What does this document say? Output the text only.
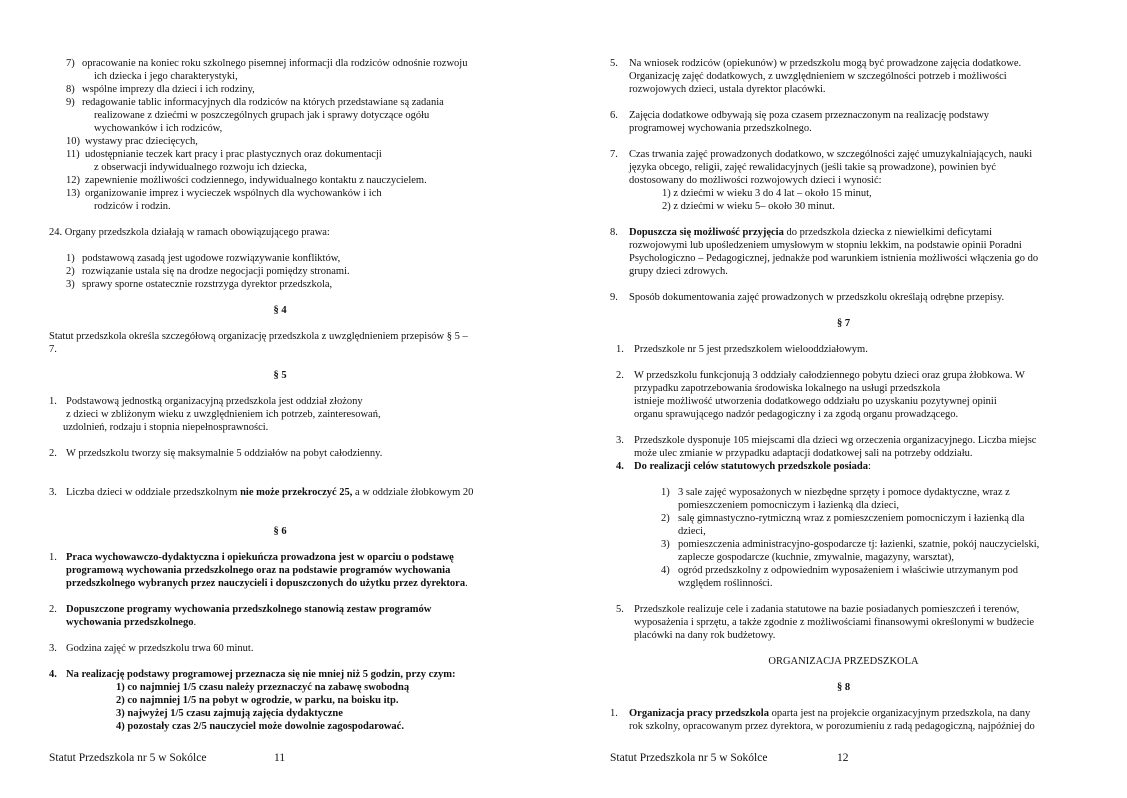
7) opracowanie na koniec roku szkolnego pisemnej informacji dla rodziców odnośnie rozwoju
ich dziecka i jego charakterystyki,
8) wspólne imprezy dla dzieci i ich rodziny,
9) redagowanie tablic informacyjnych dla rodziców na których przedstawiane są zadania
realizowane z dziećmi w poszczególnych grupach jak i sprawy dotyczące ogółu
wychowanków i ich rodziców,
10) wystawy prac dziecięcych,
11) udostępnianie teczek kart pracy i prac plastycznych oraz dokumentacji
z obserwacji indywidualnego rozwoju ich dziecka,
12) zapewnienie możliwości codziennego, indywidualnego kontaktu z nauczycielem.
13) organizowanie imprez i wycieczek wspólnych dla wychowanków i ich
rodziców i rodzin.
24. Organy przedszkola działają w ramach obowiązującego prawa:
1) podstawową zasadą jest ugodowe rozwiązywanie konfliktów,
2) rozwiązanie ustala się na drodze negocjacji pomiędzy stronami.
3) sprawy sporne ostatecznie rozstrzyga dyrektor przedszkola,
§ 4
Statut przedszkola określa szczegółową organizację przedszkola z uwzględnieniem przepisów § 5 –
7.
§ 5
1. Podstawową jednostką organizacyjną przedszkola jest oddział złożony
z dzieci w zbliżonym wieku z uwzględnieniem ich potrzeb, zainteresowań,
uzdolnień, rodzaju i stopnia niepełnosprawności.
2. W przedszkolu tworzy się maksymalnie 5 oddziałów na pobyt całodzienny.
3. Liczba dzieci w oddziale przedszkolnym nie może przekroczyć 25, a w oddziale żłobkowym 20
§ 6
1. Praca wychowawczo-dydaktyczna i opiekuńcza prowadzona jest w oparciu o podstawę
programową wychowania przedszkolnego oraz na podstawie programów wychowania
przedszkolnego wybranych przez nauczycieli i dopuszczonych do użytku przez dyrektora.
2. Dopuszczone programy wychowania przedszkolnego stanowią zestaw programów
wychowania przedszkolnego.
3. Godzina zajęć w przedszkolu trwa 60 minut.
4. Na realizację podstawy programowej przeznacza się nie mniej niż 5 godzin, przy czym:
1) co najmniej 1/5 czasu należy przeznaczyć na zabawę swobodną
2) co najmniej 1/5 na pobyt w ogrodzie, w parku, na boisku itp.
3) najwyżej 1/5 czasu zajmują zajęcia dydaktyczne
4) pozostały czas 2/5 nauczyciel może dowolnie zagospodarować.
Statut Przedszkola nr 5 w Sokólce	11
5. Na wniosek rodziców (opiekunów) w przedszkolu mogą być prowadzone zajęcia dodatkowe.
Organizację zajęć dodatkowych, z uwzględnieniem w szczególności potrzeb i możliwości
rozwojowych dzieci, ustala dyrektor placówki.
6. Zajęcia dodatkowe odbywają się poza czasem przeznaczonym na realizację podstawy
programowej wychowania przedszkolnego.
7. Czas trwania zajęć prowadzonych dodatkowo, w szczególności zajęć umuzykalniających, nauki
języka obcego, religii, zajęć rewalidacyjnych (jeśli takie są prowadzone), powinien być
dostosowany do możliwości rozwojowych dzieci i wynosić:
1) z dziećmi w wieku 3 do 4 lat – około 15 minut,
2) z dziećmi w wieku 5– około 30 minut.
8. Dopuszcza się możliwość przyjęcia do przedszkola dziecka z niewielkimi deficytami
rozwojowymi lub upośledzeniem umysłowym w stopniu lekkim, na podstawie opinii Poradni
Psychologiczno – Pedagogicznej, jednakże pod warunkiem istnienia możliwości włączenia go do
grupy dzieci zdrowych.
9. Sposób dokumentowania zajęć prowadzonych w przedszkolu określają odrębne przepisy.
§ 7
1. Przedszkole nr 5 jest przedszkolem wielooddziałowym.
2. W przedszkolu funkcjonują 3 oddziały całodziennego pobytu dzieci oraz grupa żłobkowa. W
przypadku zapotrzebowania środowiska lokalnego na usługi przedszkola
istnieje możliwość utworzenia dodatkowego oddziału po uzyskaniu pozytywnej opinii
organu sprawującego nadzór pedagogiczny i za zgodą organu prowadzącego.
3. Przedszkole dysponuje 105 miejscami dla dzieci wg orzeczenia organizacyjnego. Liczba miejsc
może ulec zmianie w przypadku adaptacji dodatkowej sali na potrzeby oddziału.
4. Do realizacji celów statutowych przedszkole posiada:
1) 3 sale zajęć wyposażonych w niezbędne sprzęty i pomoce dydaktyczne, wraz z
pomieszczeniem pomocniczym i łazienką dla dzieci,
2) salę gimnastyczno-rytmiczną wraz z pomieszczeniem pomocniczym i łazienką dla
dzieci,
3) pomieszczenia administracyjno-gospodarcze tj: łazienki, szatnie, pokój nauczycielski,
zaplecze gospodarcze (kuchnie, zmywalnie, magazyny, warsztat),
4) ogród przedszkolny z odpowiednim wyposażeniem i właściwie utrzymanym pod
względem roślinności.
5. Przedszkole realizuje cele i zadania statutowe na bazie posiadanych pomieszczeń i terenów,
wyposażenia i sprzętu, a także zgodnie z możliwościami finansowymi określonymi w budżecie
placówki na dany rok budżetowy.
ORGANIZACJA PRZEDSZKOLA
§ 8
1. Organizacja pracy przedszkola oparta jest na projekcie organizacyjnym przedszkola, na dany
rok szkolny, opracowanym przez dyrektora, w porozumieniu z radą pedagogiczną, najpóźniej do
Statut Przedszkola nr 5 w Sokólce	12
